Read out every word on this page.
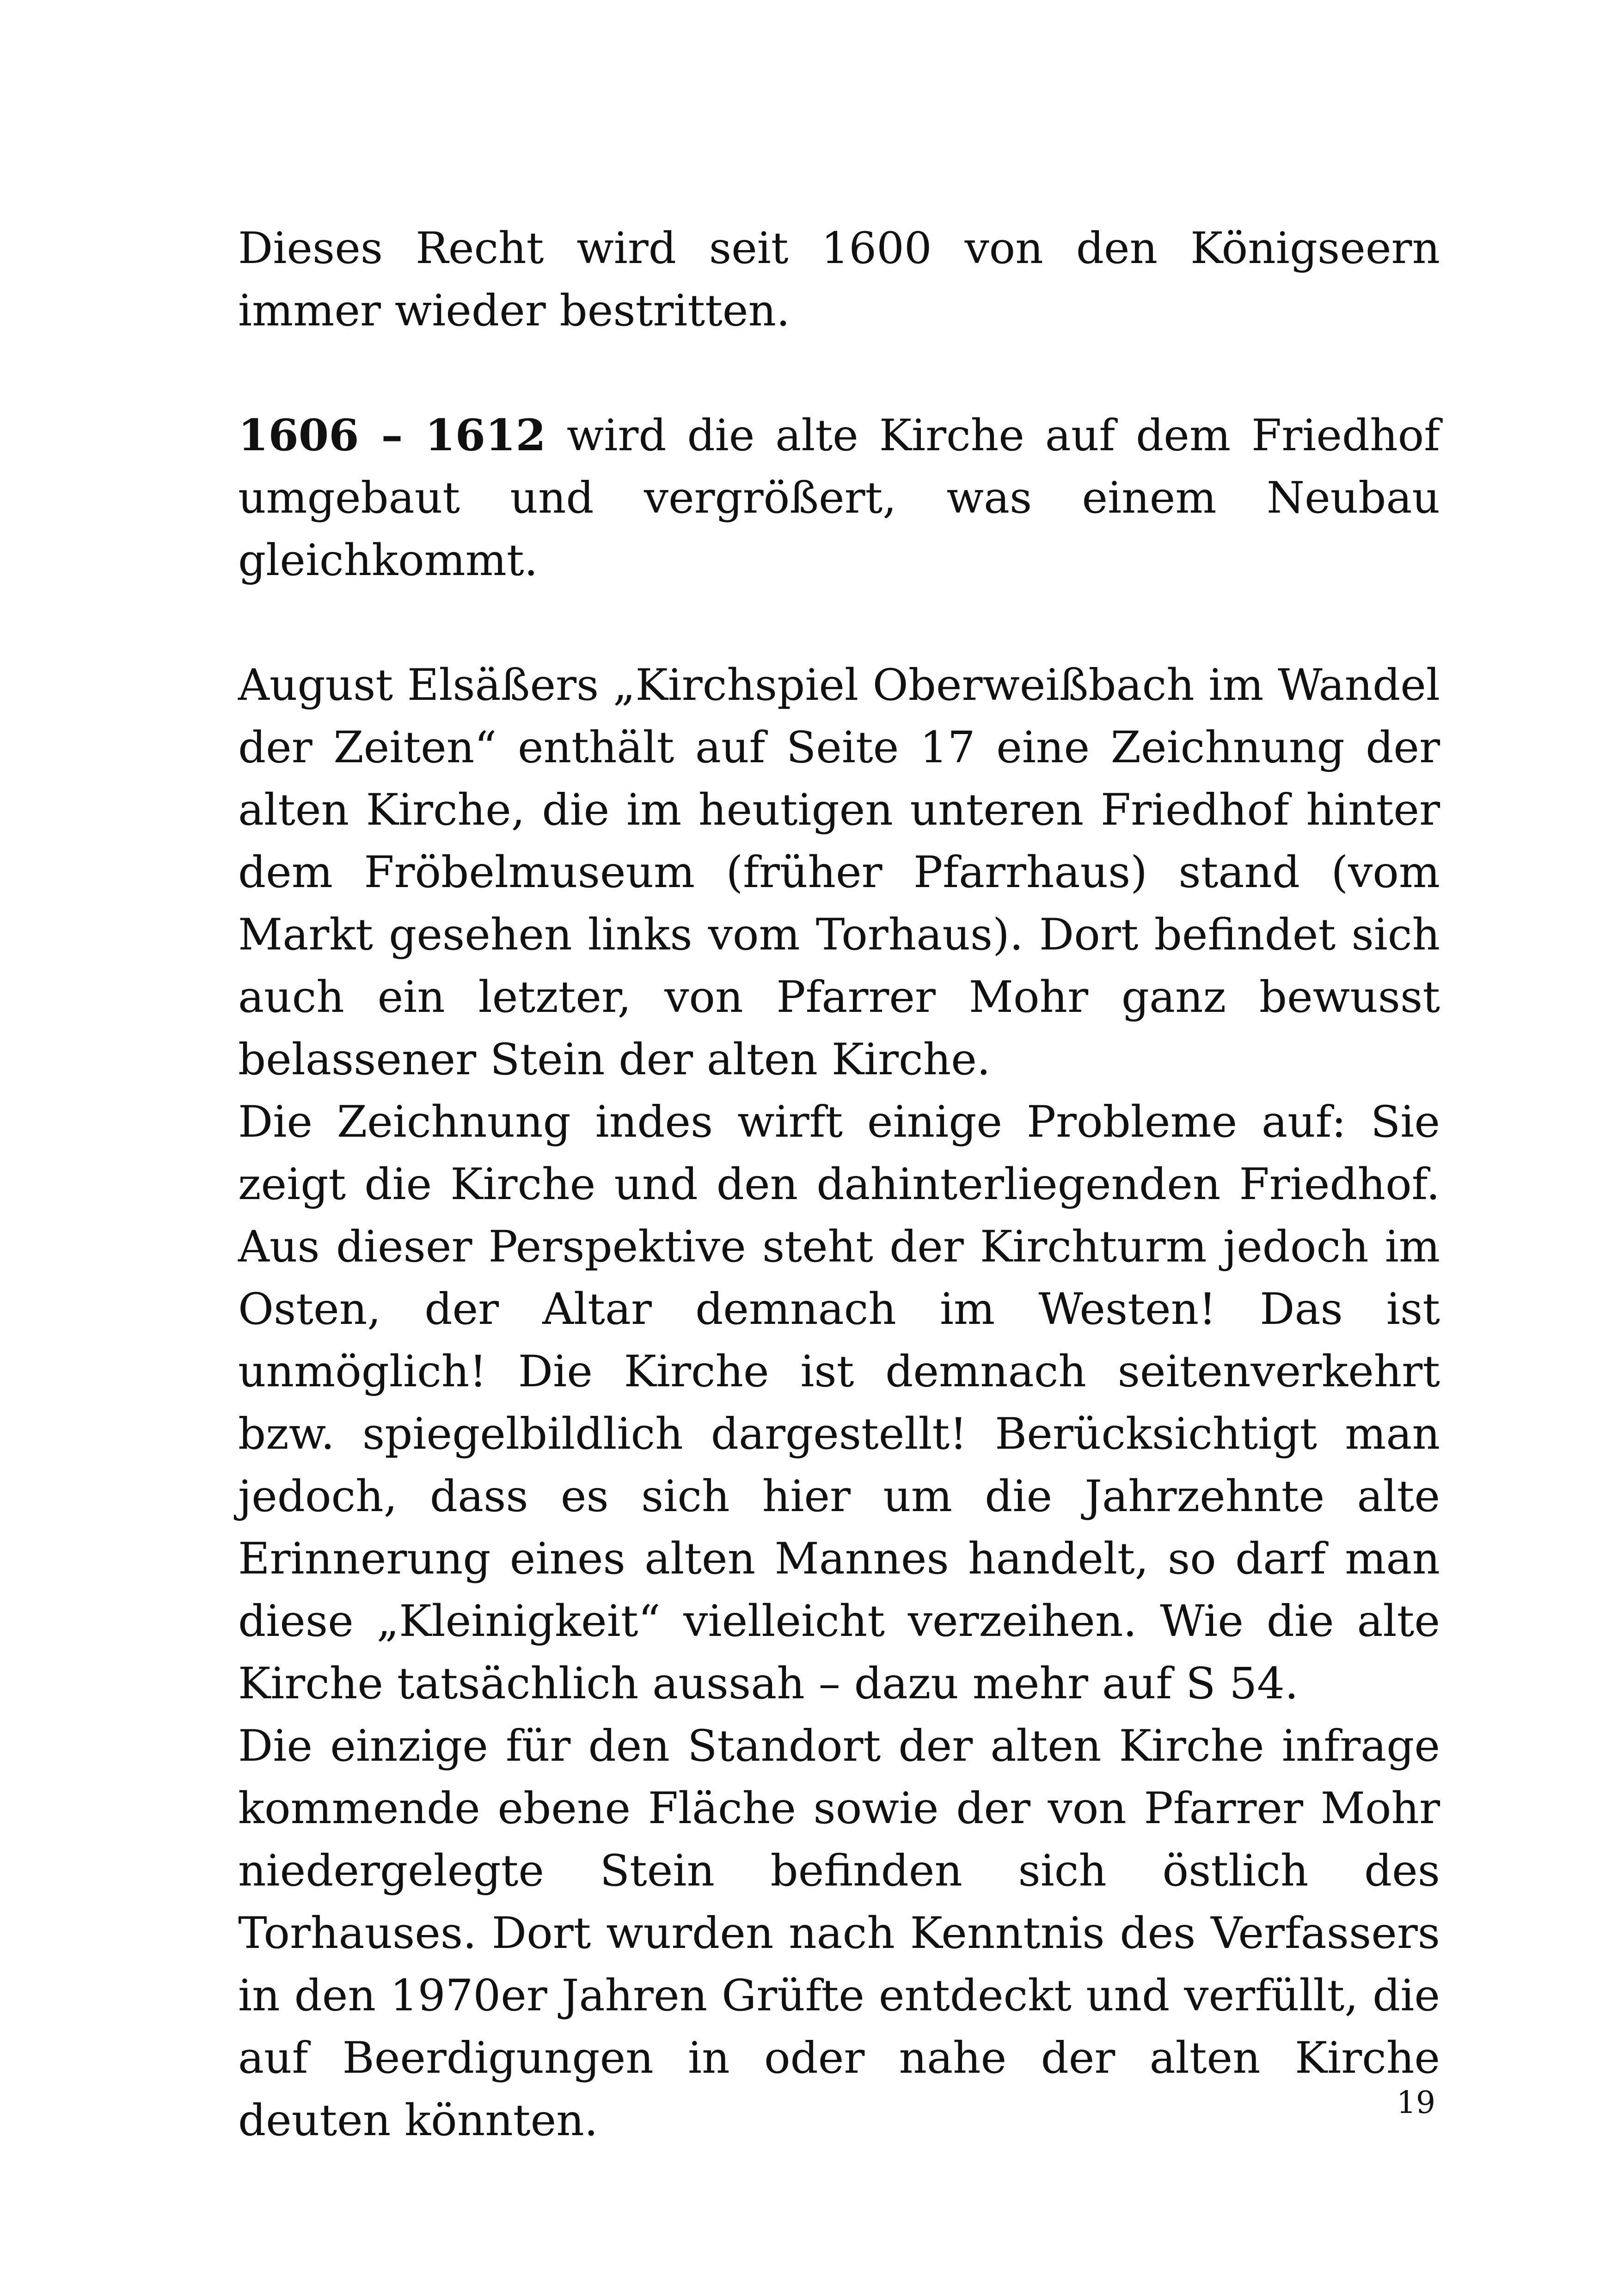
Dieses Recht wird seit 1600 von den Königseern immer wieder bestritten.

1606 – 1612 wird die alte Kirche auf dem Friedhof umgebaut und vergrößert, was einem Neubau gleichkommt.

August Elsäßers „Kirchspiel Oberweißbach im Wandel der Zeiten“ enthält auf Seite 17 eine Zeichnung der alten Kirche, die im heutigen unteren Friedhof hinter dem Fröbelmuseum (früher Pfarrhaus) stand (vom Markt gesehen links vom Torhaus). Dort befindet sich auch ein letzter, von Pfarrer Mohr ganz bewusst belassener Stein der alten Kirche.

Die Zeichnung indes wirft einige Probleme auf: Sie zeigt die Kirche und den dahinterliegenden Friedhof. Aus dieser Perspektive steht der Kirchturm jedoch im Osten, der Altar demnach im Westen! Das ist unmöglich! Die Kirche ist demnach seitenverkehrt bzw. spiegelbildlich dargestellt! Berücksichtigt man jedoch, dass es sich hier um die Jahrzehnte alte Erinnerung eines alten Mannes handelt, so darf man diese „Kleinigkeit“ vielleicht verzeihen. Wie die alte Kirche tatsächlich aussah – dazu mehr auf S 54.

Die einzige für den Standort der alten Kirche infrage kommende ebene Fläche sowie der von Pfarrer Mohr niedergelegte Stein befinden sich östlich des Torhauses. Dort wurden nach Kenntnis des Verfassers in den 1970er Jahren Grüfte entdeckt und verfüllt, die auf Beerdigungen in oder nahe der alten Kirche deuten könnten.	19
